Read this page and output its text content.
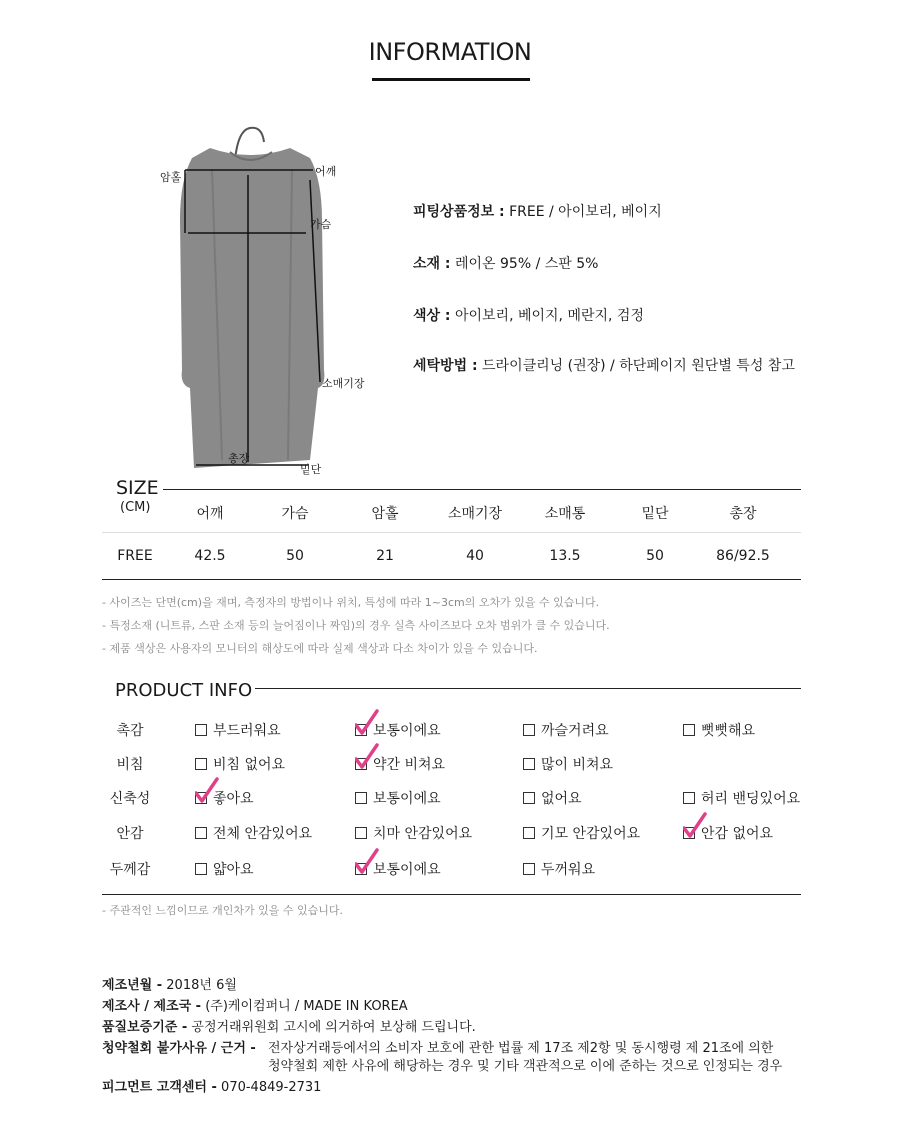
INFORMATION
암홀	어깨
가슴
소매기장
총장
밑단
피팅상품정보 : FREE / 아이보리, 베이지
소재 : 레이온 95% / 스판 5%
색상 : 아이보리, 베이지, 메란지, 검정
세탁방법 : 드라이클리닝 (권장) / 하단페이지 원단별 특성 참고
SIZE
(CM)	어깨	가슴	암홀	소매기장	소매통	밑단	총장
FREE	42.5	50	21	40	13.5	50	86/92.5
- 사이즈는 단면(cm)을 재며, 측정자의 방법이나 위치, 특성에 따라 1~3cm의 오차가 있을 수 있습니다.
- 특정소재 (니트류, 스판 소재 등의 늘어짐이나 짜임)의 경우 실측 사이즈보다 오차 범위가 클 수 있습니다.
- 제품 색상은 사용자의 모니터의 해상도에 따라 실제 색상과 다소 차이가 있을 수 있습니다.
PRODUCT INFO
촉감	부드러워요	보통이에요	까슬거려요	뻣뻣해요
비침	비침 없어요	약간 비쳐요	많이 비쳐요
신축성	좋아요	보통이에요	없어요	허리 밴딩있어요
안감	전체 안감있어요	치마 안감있어요	기모 안감있어요	안감 없어요
두께감	얇아요	보통이에요	두꺼워요
- 주관적인 느낌이므로 개인차가 있을 수 있습니다.
제조년월 - 2018년 6월
제조사 / 제조국 - (주)케이컴퍼니 / MADE IN KOREA
품질보증기준 - 공정거래위원회 고시에 의거하여 보상해 드립니다.
청약철회 불가사유 / 근거 - 전자상거래등에서의 소비자 보호에 관한 법률 제 17조 제2항 및 동시행령 제 21조에 의한
청약철회 제한 사유에 해당하는 경우 및 기타 객관적으로 이에 준하는 것으로 인정되는 경우
피그먼트 고객센터 - 070-4849-2731
